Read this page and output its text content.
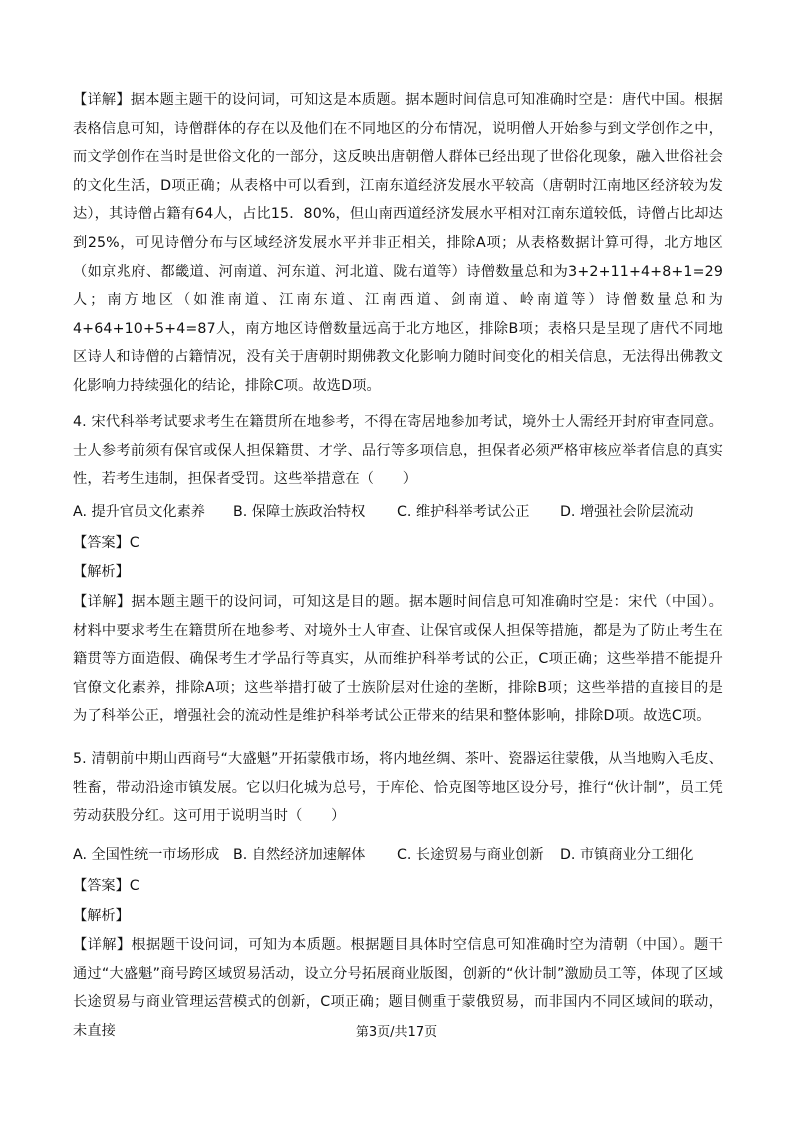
【详解】据本题主题干的设问词，可知这是本质题。据本题时间信息可知准确时空是：唐代中国。根据表格信息可知，诗僧群体的存在以及他们在不同地区的分布情况，说明僧人开始参与到文学创作之中，而文学创作在当时是世俗文化的一部分，这反映出唐朝僧人群体已经出现了世俗化现象，融入世俗社会的文化生活，D项正确；从表格中可以看到，江南东道经济发展水平较高（唐朝时江南地区经济较为发达），其诗僧占籍有64人，占比15．80%，但山南西道经济发展水平相对江南东道较低，诗僧占比却达到25%，可见诗僧分布与区域经济发展水平并非正相关，排除A项；从表格数据计算可得，北方地区（如京兆府、都畿道、河南道、河东道、河北道、陇右道等）诗僧数量总和为3+2+11+4+8+1=29人；南方地区（如淮南道、江南东道、江南西道、剑南道、岭南道等）诗僧数量总和为4+64+10+5+4=87人，南方地区诗僧数量远高于北方地区，排除B项；表格只是呈现了唐代不同地区诗人和诗僧的占籍情况，没有关于唐朝时期佛教文化影响力随时间变化的相关信息，无法得出佛教文化影响力持续强化的结论，排除C项。故选D项。

4. 宋代科举考试要求考生在籍贯所在地参考，不得在寄居地参加考试，境外士人需经开封府审查同意。士人参考前须有保官或保人担保籍贯、才学、品行等多项信息，担保者必须严格审核应举者信息的真实性，若考生违制，担保者受罚。这些举措意在（　　）

A. 提升官员文化素养 B. 保障士族政治特权 C. 维护科举考试公正 D. 增强社会阶层流动
【答案】C
【解析】

【详解】据本题主题干的设问词，可知这是目的题。据本题时间信息可知准确时空是：宋代（中国）。材料中要求考生在籍贯所在地参考、对境外士人审查、让保官或保人担保等措施，都是为了防止考生在籍贯等方面造假、确保考生才学品行等真实，从而维护科举考试的公正，C项正确；这些举措不能提升官僚文化素养，排除A项；这些举措打破了士族阶层对仕途的垄断，排除B项；这些举措的直接目的是为了科举公正，增强社会的流动性是维护科举考试公正带来的结果和整体影响，排除D项。故选C项。

5. 清朝前中期山西商号“大盛魁”开拓蒙俄市场，将内地丝绸、茶叶、瓷器运往蒙俄，从当地购入毛皮、牲畜，带动沿途市镇发展。它以归化城为总号，于库伦、恰克图等地区设分号，推行“伙计制”，员工凭劳动获股分红。这可用于说明当时（　　）

A. 全国性统一市场形成 B. 自然经济加速解体 C. 长途贸易与商业创新 D. 市镇商业分工细化
【答案】C
【解析】

【详解】根据题干设问词，可知为本质题。根据题目具体时空信息可知准确时空为清朝（中国）。题干通过“大盛魁”商号跨区域贸易活动，设立分号拓展商业版图，创新的“伙计制”激励员工等，体现了区域长途贸易与商业管理运营模式的创新，C项正确；题目侧重于蒙俄贸易，而非国内不同区域间的联动，未直接	第3页/共17页
